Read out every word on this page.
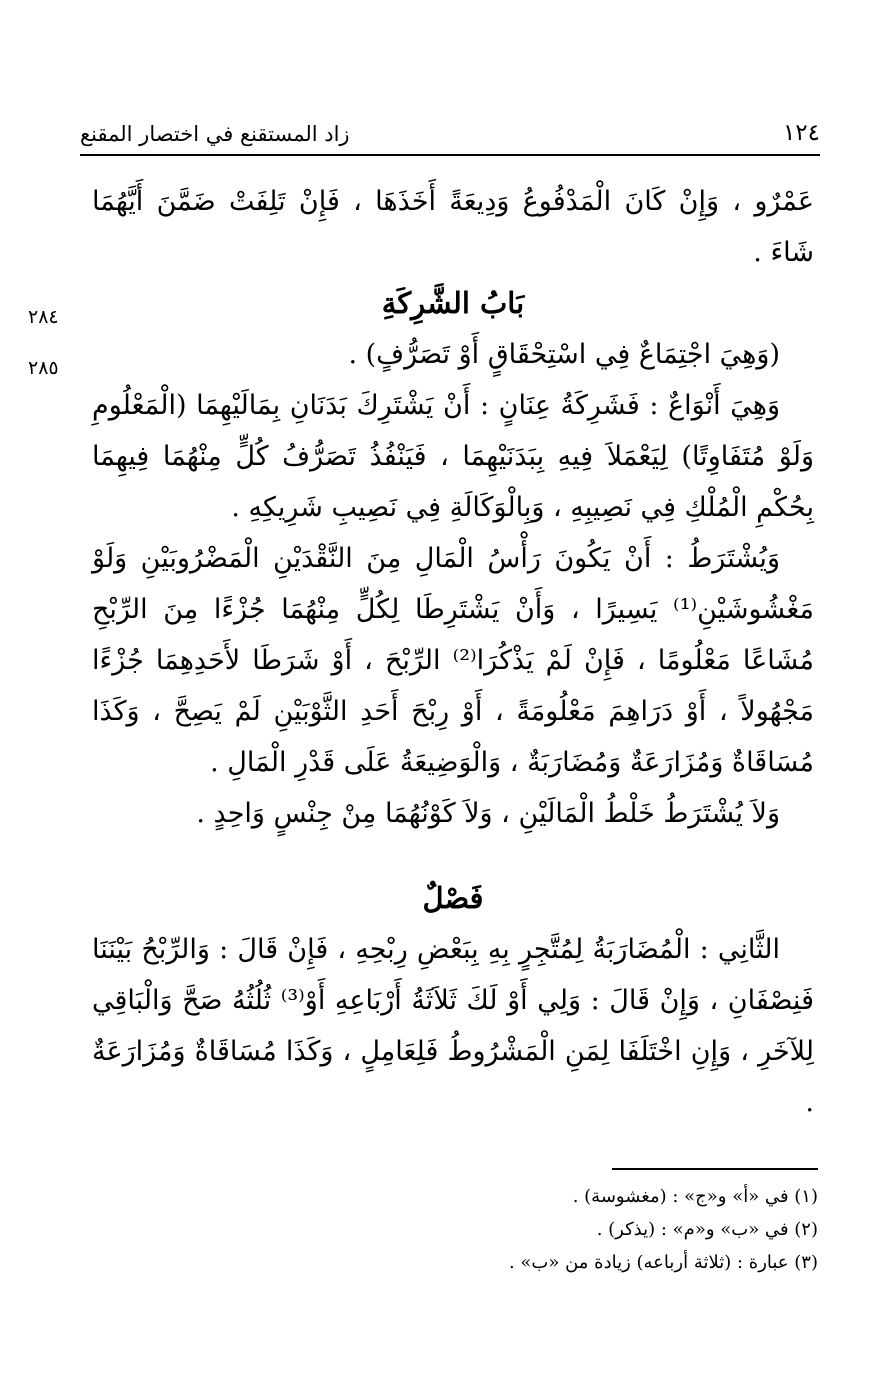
١٢٤
زاد المستقنع في اختصار المقنع
٢٨٤
٢٨٥

عَمْرٌو ، وَإِنْ كَانَ الْمَدْفُوعُ وَدِيعَةً أَخَذَهَا ، فَإِنْ تَلِفَتْ ضَمَّنَ أَيَّهُمَا شَاءَ .

بَابُ الشَّرِكَةِ

(وَهِيَ اجْتِمَاعٌ فِي اسْتِحْقَاقٍ أَوْ تَصَرُّفٍ) .

وَهِيَ أَنْوَاعٌ : فَشَرِكَةُ عِنَانٍ : أَنْ يَشْتَرِكَ بَدَنَانِ بِمَالَيْهِمَا (الْمَعْلُومِ وَلَوْ مُتَفَاوِتًا) لِيَعْمَلاَ فِيهِ بِبَدَنَيْهِمَا ، فَيَنْفُذُ تَصَرُّفُ كُلٍّ مِنْهُمَا فِيهِمَا بِحُكْمِ الْمُلْكِ فِي نَصِيبِهِ ، وَبِالْوَكَالَةِ فِي نَصِيبِ شَرِيكِهِ .

وَيُشْتَرَطُ : أَنْ يَكُونَ رَأْسُ الْمَالِ مِنَ النَّقْدَيْنِ الْمَضْرُوبَيْنِ وَلَوْ مَغْشُوشَيْنِ⁽¹⁾ يَسِيرًا ، وَأَنْ يَشْتَرِطَا لِكُلٍّ مِنْهُمَا جُزْءًا مِنَ الرِّبْحِ مُشَاعًا مَعْلُومًا ، فَإِنْ لَمْ يَذْكُرَا⁽²⁾ الرِّبْحَ ، أَوْ شَرَطَا لأَحَدِهِمَا جُزْءًا مَجْهُولاً ، أَوْ دَرَاهِمَ مَعْلُومَةً ، أَوْ رِبْحَ أَحَدِ الثَّوْبَيْنِ لَمْ يَصِحَّ ، وَكَذَا مُسَاقَاةٌ وَمُزَارَعَةٌ وَمُضَارَبَةٌ ، وَالْوَضِيعَةُ عَلَى قَدْرِ الْمَالِ .

وَلاَ يُشْتَرَطُ خَلْطُ الْمَالَيْنِ ، وَلاَ كَوْنُهُمَا مِنْ جِنْسٍ وَاحِدٍ .

فَصْلٌ

الثَّانِي : الْمُضَارَبَةُ لِمُتَّجِرٍ بِهِ بِبَعْضِ رِبْحِهِ ، فَإِنْ قَالَ : وَالرِّبْحُ بَيْنَنَا فَنِصْفَانِ ، وَإِنْ قَالَ : وَلِي أَوْ لَكَ ثَلاَثَةُ أَرْبَاعِهِ أَوْ⁽³⁾ ثُلُثُهُ صَحَّ وَالْبَاقِي لِلآخَرِ ، وَإِنِ اخْتَلَفَا لِمَنِ الْمَشْرُوطُ فَلِعَامِلٍ ، وَكَذَا مُسَاقَاةٌ وَمُزَارَعَةٌ .

(١) في «أ» و«ج» : (مغشوسة) .

(٢) في «ب» و«م» : (يذكر) .

(٣) عبارة : (ثلاثة أرباعه) زيادة من «ب» .
